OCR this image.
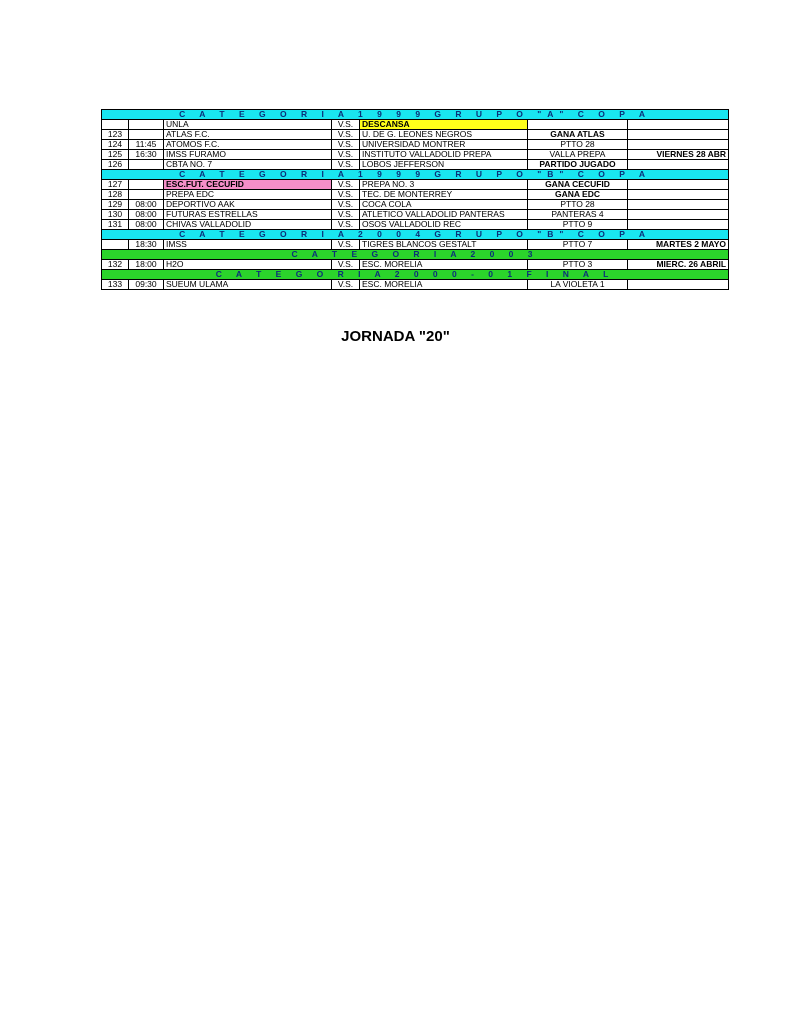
C A T E G O R I A 1 9 9 9 G R U P O "A" C O P A						
		UNLA	V.S.	DESCANSA		
123		ATLAS F.C.	V.S.	U. DE G. LEONES NEGROS	GANA ATLAS	
124	11:45	ATOMOS F.C.	V.S.	UNIVERSIDAD MONTRER	PTTO 28	
125	16:30	IMSS FURAMO	V.S.	INSTITUTO VALLADOLID PREPA	VALLA PREPA	VIERNES 28 ABR
126		CBTA NO. 7	V.S.	LOBOS JEFFERSON	PARTIDO JUGADO	
C A T E G O R I A 1 9 9 9 G R U P O "B" C O P A						
127		ESC.FUT. CECUFID	V.S.	PREPA NO. 3	GANA CECUFID	
128		PREPA EDC	V.S.	TEC. DE MONTERREY	GANA EDC	
129	08:00	DEPORTIVO AAK	V.S.	COCA COLA	PTTO 28	
130	08:00	FUTURAS ESTRELLAS	V.S.	ATLETICO VALLADOLID PANTERAS	PANTERAS 4	
131	08:00	CHIVAS VALLADOLID	V.S.	OSOS VALLADOLID REC	PTTO 9	
C A T E G O R I A 2 0 0 4 G R U P O "B" C O P A						
	18:30	IMSS	V.S.	TIGRES BLANCOS GESTALT	PTTO 7	MARTES 2 MAYO
C A T E G O R I A 2 0 0 3						
132	18:00	H2O	V.S.	ESC. MORELIA	PTTO 3	MIERC. 26 ABRIL
C A T E G O R I A 2 0 0 0 - 0 1 F I N A L						
133	09:30	SUEUM ULAMA	V.S.	ESC. MORELIA	LA VIOLETA 1	
JORNADA "20"
